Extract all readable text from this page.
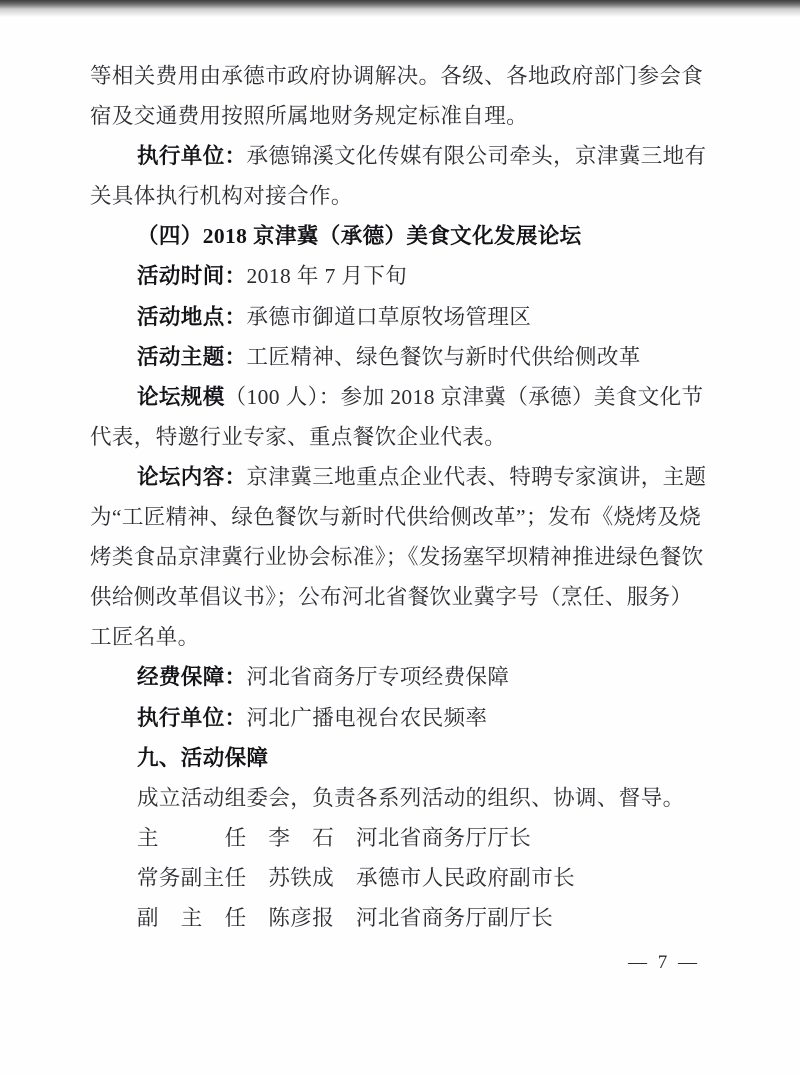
等相关费用由承德市政府协调解决。各级、各地政府部门参会食
宿及交通费用按照所属地财务规定标准自理。
执行单位：承德锦溪文化传媒有限公司牵头，京津冀三地有
关具体执行机构对接合作。
（四）2018 京津冀（承德）美食文化发展论坛
活动时间：2018 年 7 月下旬
活动地点：承德市御道口草原牧场管理区
活动主题：工匠精神、绿色餐饮与新时代供给侧改革
论坛规模（100 人）：参加 2018 京津冀（承德）美食文化节
代表，特邀行业专家、重点餐饮企业代表。
论坛内容：京津冀三地重点企业代表、特聘专家演讲，主题
为“工匠精神、绿色餐饮与新时代供给侧改革”；发布《烧烤及烧
烤类食品京津冀行业协会标准》；《发扬塞罕坝精神推进绿色餐饮
供给侧改革倡议书》；公布河北省餐饮业冀字号（烹任、服务）
工匠名单。
经费保障：河北省商务厅专项经费保障
执行单位：河北广播电视台农民频率
九、活动保障
成立活动组委会，负责各系列活动的组织、协调、督导。
主　　　任　李　石　河北省商务厅厅长
常务副主任　苏铁成　承德市人民政府副市长
副　主　任　陈彦报　河北省商务厅副厅长
— 7 —
